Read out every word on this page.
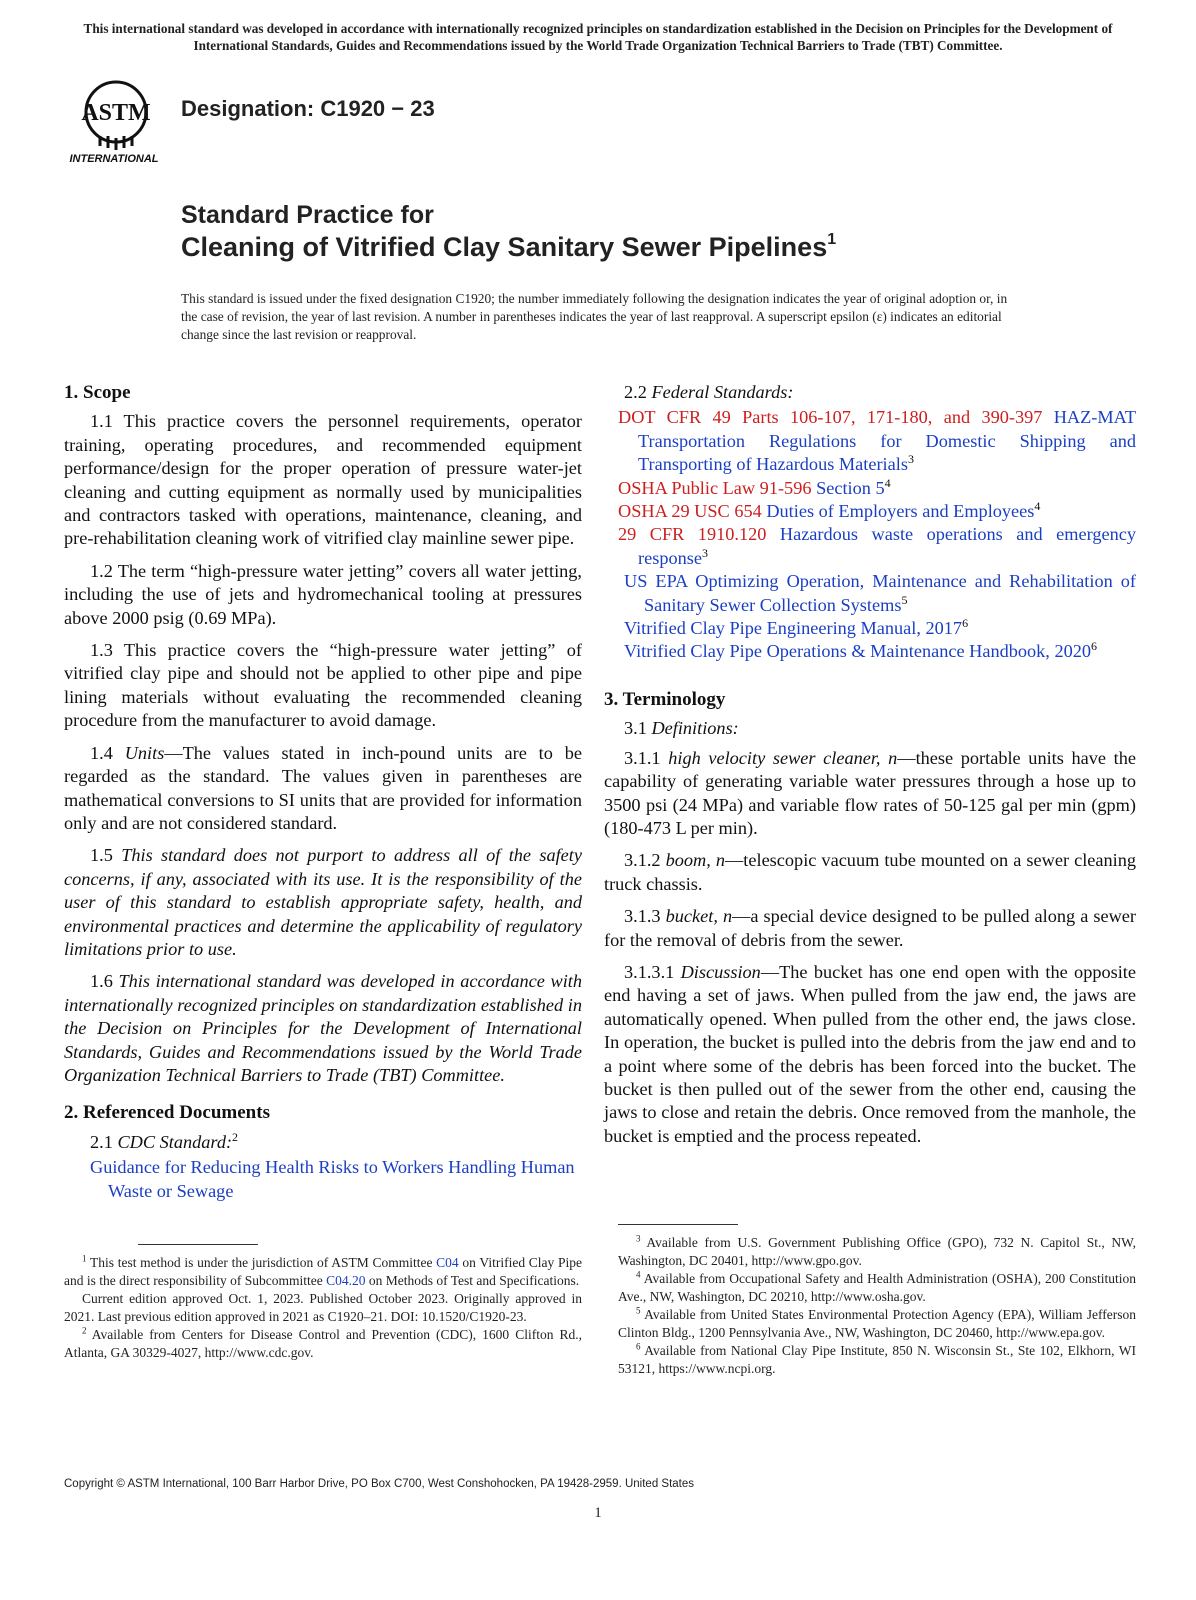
This international standard was developed in accordance with internationally recognized principles on standardization established in the Decision on Principles for the Development of International Standards, Guides and Recommendations issued by the World Trade Organization Technical Barriers to Trade (TBT) Committee.
ASTM
INTERNATIONAL
Designation: C1920 − 23
Standard Practice for
Cleaning of Vitrified Clay Sanitary Sewer Pipelines$^1$
This standard is issued under the fixed designation C1920; the number immediately following the designation indicates the year of original adoption or, in the case of revision, the year of last revision. A number in parentheses indicates the year of last reapproval. A superscript epsilon (ε) indicates an editorial change since the last revision or reapproval.
1. Scope

1.1 This practice covers the personnel requirements, operator training, operating procedures, and recommended equipment performance/design for the proper operation of pressure water-jet cleaning and cutting equipment as normally used by municipalities and contractors tasked with operations, maintenance, cleaning, and pre-rehabilitation cleaning work of vitrified clay mainline sewer pipe.

1.2 The term “high-pressure water jetting” covers all water jetting, including the use of jets and hydromechanical tooling at pressures above 2000 psig (0.69 MPa).

1.3 This practice covers the “high-pressure water jetting” of vitrified clay pipe and should not be applied to other pipe and pipe lining materials without evaluating the recommended cleaning procedure from the manufacturer to avoid damage.

1.4 Units—The values stated in inch-pound units are to be regarded as the standard. The values given in parentheses are mathematical conversions to SI units that are provided for information only and are not considered standard.

1.5 This standard does not purport to address all of the safety concerns, if any, associated with its use. It is the responsibility of the user of this standard to establish appropriate safety, health, and environmental practices and determine the applicability of regulatory limitations prior to use.

1.6 This international standard was developed in accordance with internationally recognized principles on standardization established in the Decision on Principles for the Development of International Standards, Guides and Recommendations issued by the World Trade Organization Technical Barriers to Trade (TBT) Committee.

2. Referenced Documents
2.1 CDC Standard:$^2$
Guidance for Reducing Health Risks to Workers Handling Human Waste or Sewage
2.2 Federal Standards:
DOT CFR 49 Parts 106-107, 171-180, and 390-397 HAZ-MAT Transportation Regulations for Domestic Shipping and Transporting of Hazardous Materials$^3$
OSHA Public Law 91-596 Section $5^4$
OSHA 29 USC 654 Duties of Employers and Employees$^4$
29 CFR 1910.120 Hazardous waste operations and emergency response$^3$
US EPA Optimizing Operation, Maintenance and Rehabilitation of Sanitary Sewer Collection Systems$^5$
Vitrified Clay Pipe Engineering Manual, 2017$^6$
Vitrified Clay Pipe Operations & Maintenance Handbook, 2020$^6$
3. Terminology
3.1 Definitions:

3.1.1 high velocity sewer cleaner, n—these portable units have the capability of generating variable water pressures through a hose up to 3500 psi (24 MPa) and variable flow rates of 50-125 gal per min (gpm) (180-473 L per min).

3.1.2 boom, n—telescopic vacuum tube mounted on a sewer cleaning truck chassis.

3.1.3 bucket, n—a special device designed to be pulled along a sewer for the removal of debris from the sewer.

3.1.3.1 Discussion—The bucket has one end open with the opposite end having a set of jaws. When pulled from the jaw end, the jaws are automatically opened. When pulled from the other end, the jaws close. In operation, the bucket is pulled into the debris from the jaw end and to a point where some of the debris has been forced into the bucket. The bucket is then pulled out of the sewer from the other end, causing the jaws to close and retain the debris. Once removed from the manhole, the bucket is emptied and the process repeated.

$^1$ This test method is under the jurisdiction of ASTM Committee C04 on Vitrified Clay Pipe and is the direct responsibility of Subcommittee C04.20 on Methods of Test and Specifications.

Current edition approved Oct. 1, 2023. Published October 2023. Originally approved in 2021. Last previous edition approved in 2021 as C1920–21. DOI: 10.1520/C1920-23.

$^2$ Available from Centers for Disease Control and Prevention (CDC), 1600 Clifton Rd., Atlanta, GA 30329-4027, http://www.cdc.gov.

$^3$ Available from U.S. Government Publishing Office (GPO), 732 N. Capitol St., NW, Washington, DC 20401, http://www.gpo.gov.

$^4$ Available from Occupational Safety and Health Administration (OSHA), 200 Constitution Ave., NW, Washington, DC 20210, http://www.osha.gov.

$^5$ Available from United States Environmental Protection Agency (EPA), William Jefferson Clinton Bldg., 1200 Pennsylvania Ave., NW, Washington, DC 20460, http://www.epa.gov.

$^6$ Available from National Clay Pipe Institute, 850 N. Wisconsin St., Ste 102, Elkhorn, WI 53121, https://www.ncpi.org.

Copyright © ASTM International, 100 Barr Harbor Drive, PO Box C700, West Conshohocken, PA 19428-2959. United States
1
